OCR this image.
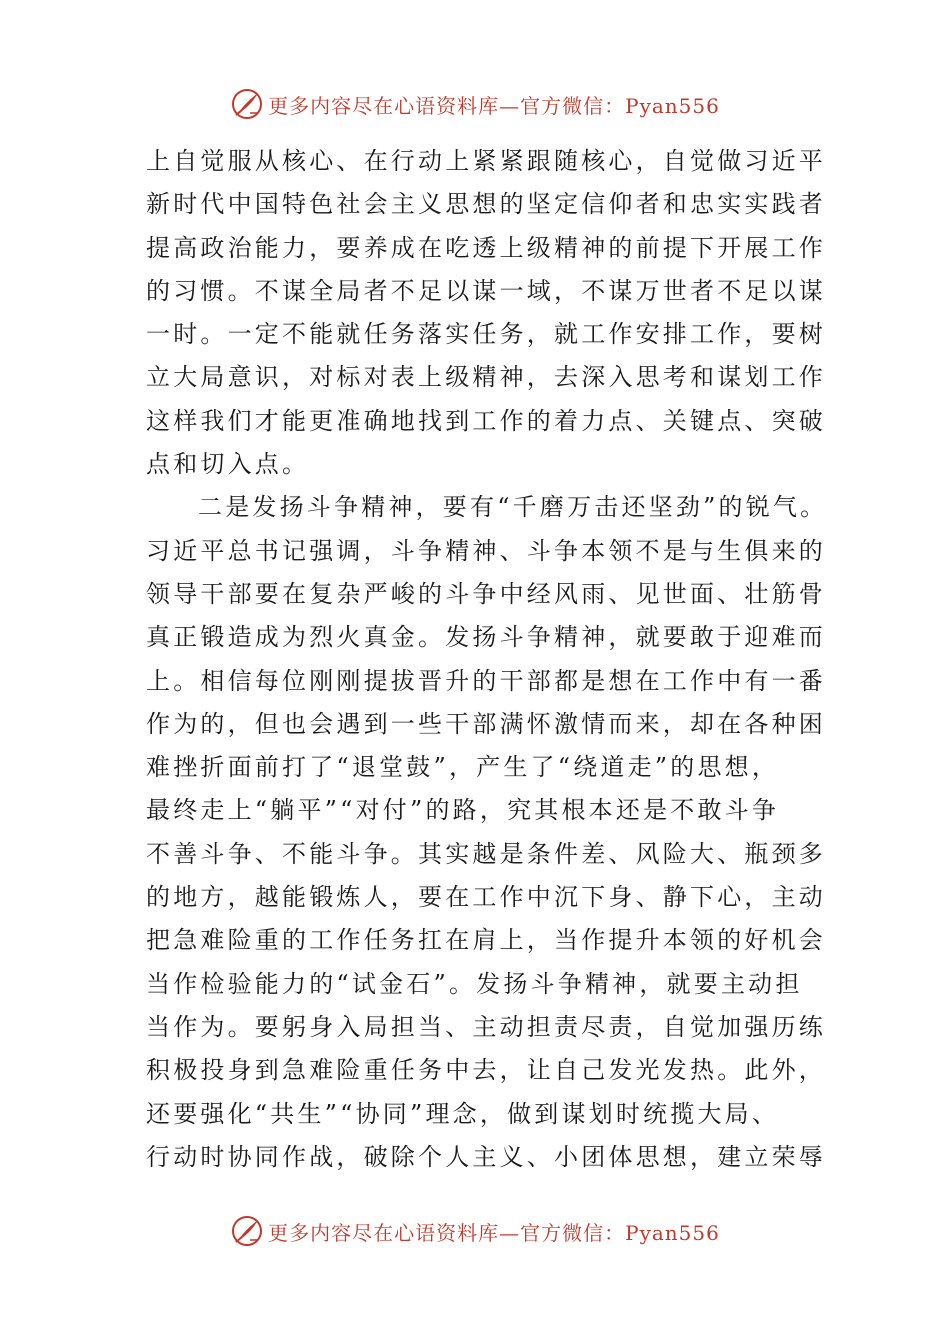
更多内容尽在心语资料库—官方微信：Pyan556
上自觉服从核心、在行动上紧紧跟随核心，自觉做习近平
新时代中国特色社会主义思想的坚定信仰者和忠实实践者
提高政治能力，要养成在吃透上级精神的前提下开展工作
的习惯。不谋全局者不足以谋一域，不谋万世者不足以谋
一时。一定不能就任务落实任务，就工作安排工作，要树
立大局意识，对标对表上级精神，去深入思考和谋划工作
这样我们才能更准确地找到工作的着力点、关键点、突破
点和切入点。
二是发扬斗争精神，要有“千磨万击还坚劲”的锐气。
习近平总书记强调，斗争精神、斗争本领不是与生俱来的
领导干部要在复杂严峻的斗争中经风雨、见世面、壮筋骨
真正锻造成为烈火真金。发扬斗争精神，就要敢于迎难而
上。相信每位刚刚提拔晋升的干部都是想在工作中有一番
作为的，但也会遇到一些干部满怀激情而来，却在各种困
难挫折面前打了“退堂鼓”，产生了“绕道走”的思想，
最终走上“躺平”“对付”的路，究其根本还是不敢斗争
不善斗争、不能斗争。其实越是条件差、风险大、瓶颈多
的地方，越能锻炼人，要在工作中沉下身、静下心，主动
把急难险重的工作任务扛在肩上，当作提升本领的好机会
当作检验能力的“试金石”。发扬斗争精神，就要主动担
当作为。要躬身入局担当、主动担责尽责，自觉加强历练
积极投身到急难险重任务中去，让自己发光发热。此外，
还要强化“共生”“协同”理念，做到谋划时统揽大局、
行动时协同作战，破除个人主义、小团体思想，建立荣辱
更多内容尽在心语资料库—官方微信：Pyan556
